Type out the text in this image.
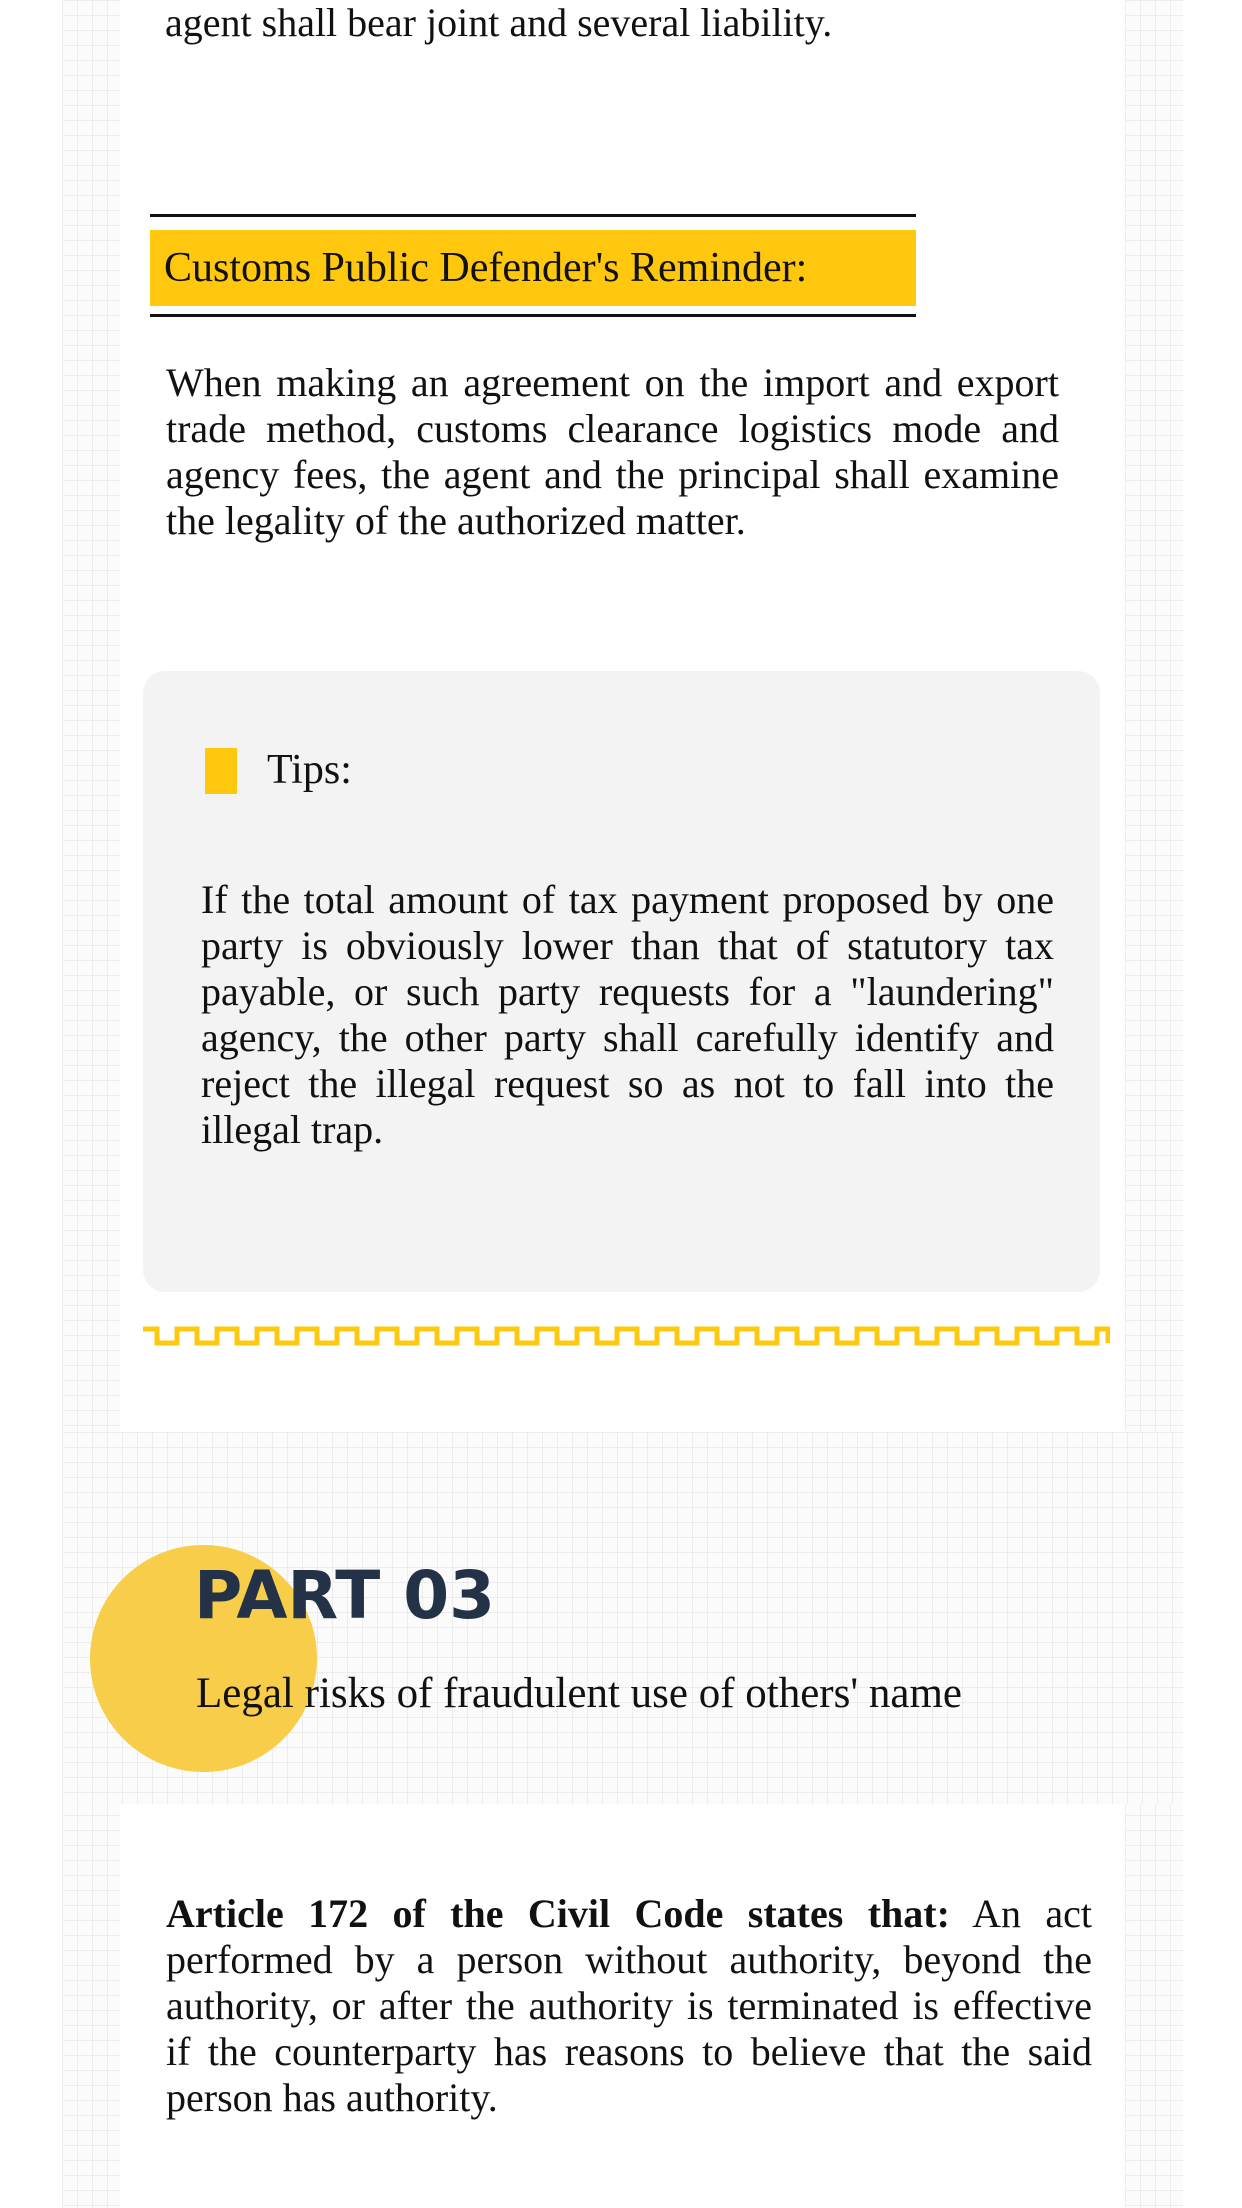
agent shall bear joint and several liability.

Customs Public Defender's Reminder:

When making an agreement on the import and export trade method, customs clearance logistics mode and agency fees, the agent and the principal shall examine the legality of the authorized matter.

Tips:

If the total amount of tax payment proposed by one party is obviously lower than that of statutory tax payable, or such party requests for a "laundering" agency, the other party shall carefully identify and reject the illegal request so as not to fall into the illegal trap.

PART 03
Legal risks of fraudulent use of others' name

Article 172 of the Civil Code states that: An act performed by a person without authority, beyond the authority, or after the authority is terminated is effective if the counterparty has reasons to believe that the said person has authority.
